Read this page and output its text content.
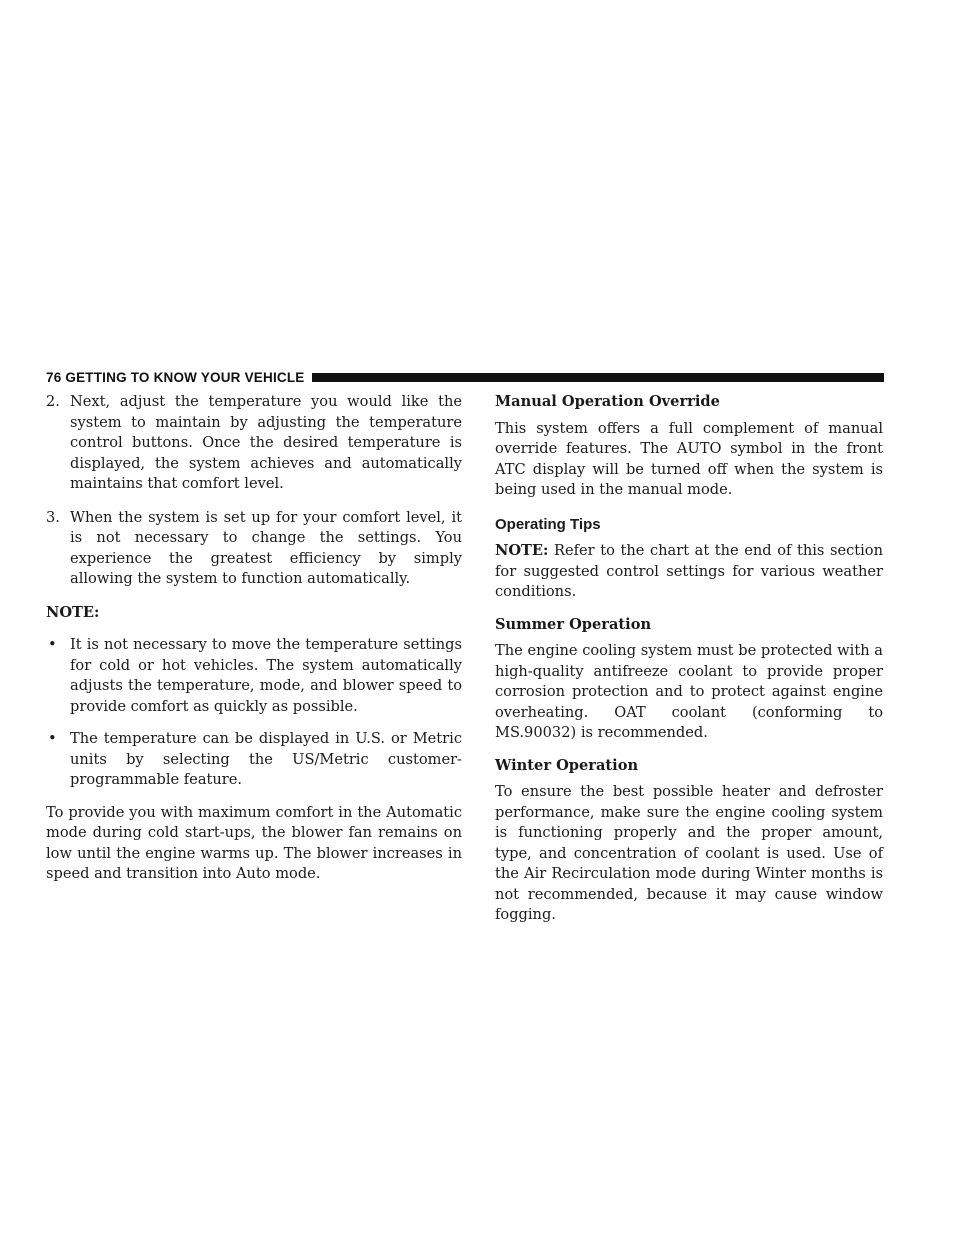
76 GETTING TO KNOW YOUR VEHICLE
2. Next, adjust the temperature you would like the system to maintain by adjusting the temperature control buttons. Once the desired temperature is displayed, the system achieves and automatically maintains that comfort level.
3. When the system is set up for your comfort level, it is not necessary to change the settings. You experience the greatest efficiency by simply allowing the system to function automatically.
NOTE:
• It is not necessary to move the temperature settings for cold or hot vehicles. The system automatically adjusts the temperature, mode, and blower speed to provide comfort as quickly as possible.
• The temperature can be displayed in U.S. or Metric units by selecting the US/Metric customer-programmable feature.
To provide you with maximum comfort in the Automatic mode during cold start-ups, the blower fan remains on low until the engine warms up. The blower increases in speed and transition into Auto mode.
Manual Operation Override
This system offers a full complement of manual override features. The AUTO symbol in the front ATC display will be turned off when the system is being used in the manual mode.
Operating Tips
NOTE: Refer to the chart at the end of this section for suggested control settings for various weather conditions.
Summer Operation
The engine cooling system must be protected with a high-quality antifreeze coolant to provide proper corrosion protection and to protect against engine overheating. OAT coolant (conforming to MS.90032) is recommended.
Winter Operation
To ensure the best possible heater and defroster performance, make sure the engine cooling system is functioning properly and the proper amount, type, and concentration of coolant is used. Use of the Air Recirculation mode during Winter months is not recommended, because it may cause window fogging.
